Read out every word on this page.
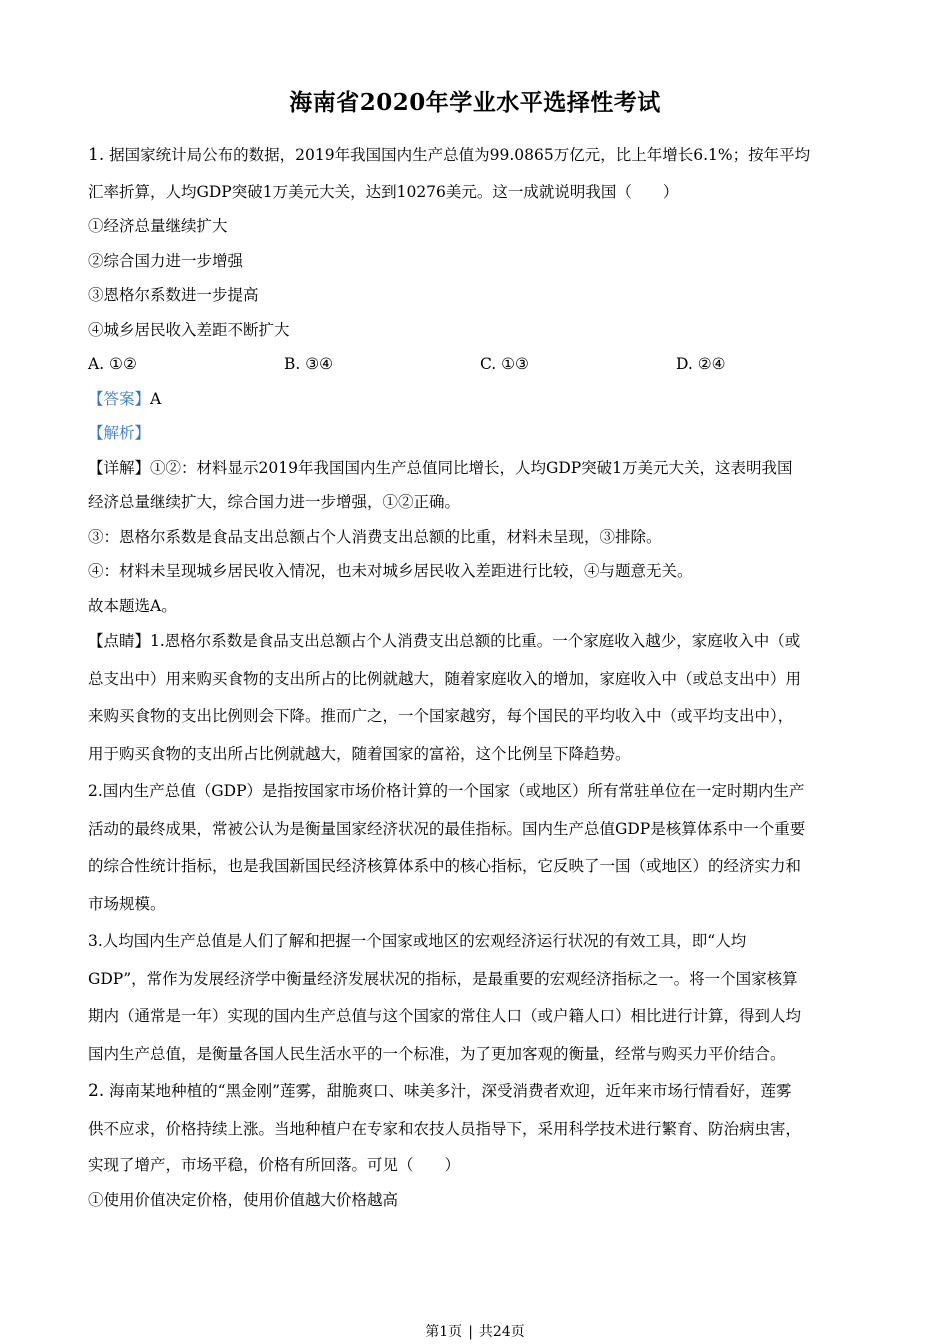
海南省2020年学业水平选择性考试
1. 据国家统计局公布的数据，2019年我国国内生产总值为99.0865万亿元，比上年增长6.1%；按年平均
汇率折算，人均GDP突破1万美元大关，达到10276美元。这一成就说明我国（　　）
①经济总量继续扩大
②综合国力进一步增强
③恩格尔系数进一步提高
④城乡居民收入差距不断扩大
A. ①②	B. ③④	C. ①③	D. ②④
【答案】A
【解析】
【详解】①②：材料显示2019年我国国内生产总值同比增长，人均GDP突破1万美元大关，这表明我国
经济总量继续扩大，综合国力进一步增强，①②正确。
③：恩格尔系数是食品支出总额占个人消费支出总额的比重，材料未呈现，③排除。
④：材料未呈现城乡居民收入情况，也未对城乡居民收入差距进行比较，④与题意无关。
故本题选A。
【点睛】1.恩格尔系数是食品支出总额占个人消费支出总额的比重。一个家庭收入越少，家庭收入中（或
总支出中）用来购买食物的支出所占的比例就越大，随着家庭收入的增加，家庭收入中（或总支出中）用
来购买食物的支出比例则会下降。推而广之，一个国家越穷，每个国民的平均收入中（或平均支出中），
用于购买食物的支出所占比例就越大，随着国家的富裕，这个比例呈下降趋势。
2.国内生产总值（GDP）是指按国家市场价格计算的一个国家（或地区）所有常驻单位在一定时期内生产
活动的最终成果，常被公认为是衡量国家经济状况的最佳指标。国内生产总值GDP是核算体系中一个重要
的综合性统计指标，也是我国新国民经济核算体系中的核心指标，它反映了一国（或地区）的经济实力和
市场规模。
3.人均国内生产总值是人们了解和把握一个国家或地区的宏观经济运行状况的有效工具，即“人均
GDP”，常作为发展经济学中衡量经济发展状况的指标，是最重要的宏观经济指标之一。将一个国家核算
期内（通常是一年）实现的国内生产总值与这个国家的常住人口（或户籍人口）相比进行计算，得到人均
国内生产总值，是衡量各国人民生活水平的一个标准，为了更加客观的衡量，经常与购买力平价结合。
2. 海南某地种植的“黑金刚”莲雾，甜脆爽口、味美多汁，深受消费者欢迎，近年来市场行情看好，莲雾
供不应求，价格持续上涨。当地种植户在专家和农技人员指导下，采用科学技术进行繁育、防治病虫害，
实现了增产，市场平稳，价格有所回落。可见（　　）
①使用价值决定价格，使用价值越大价格越高
第1页 | 共24页
